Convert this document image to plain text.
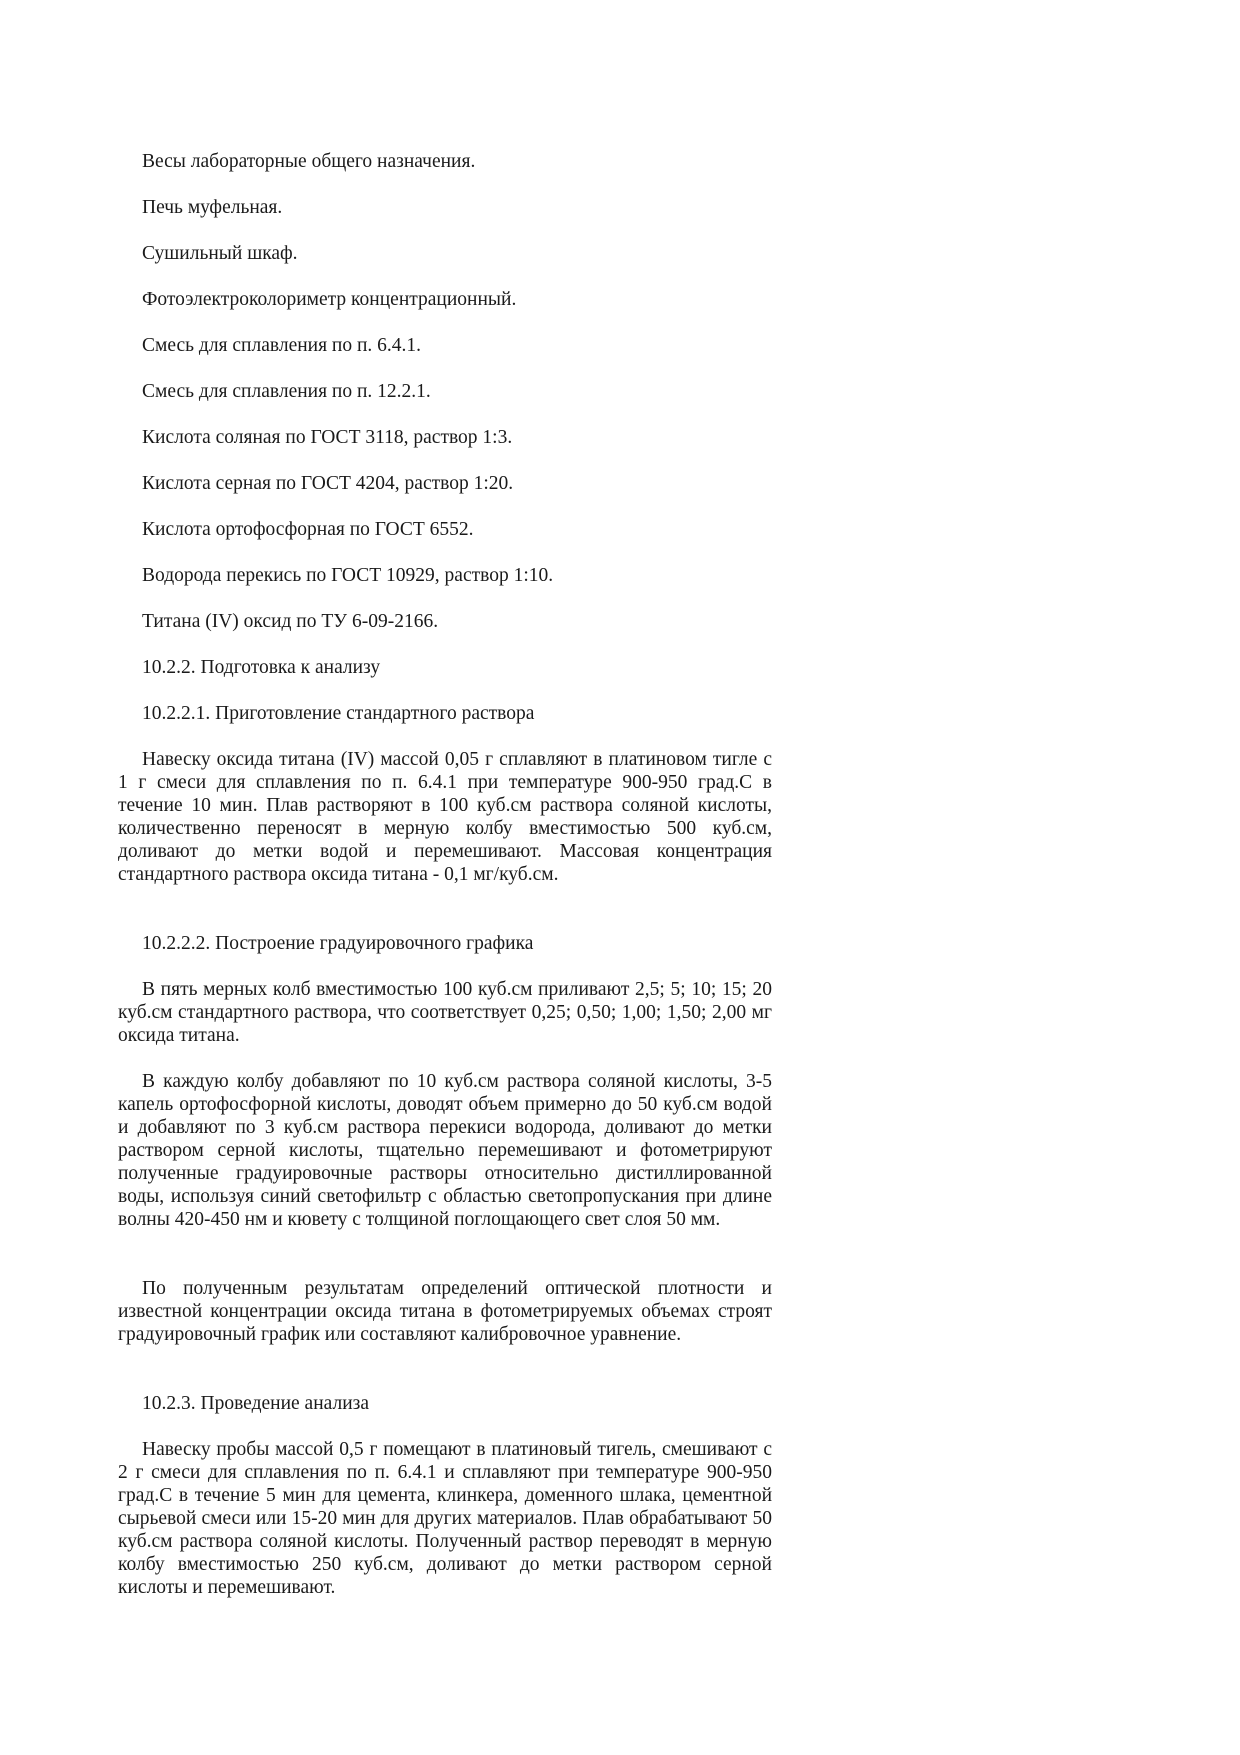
Весы лабораторные общего назначения.

Печь муфельная.

Сушильный шкаф.

Фотоэлектроколориметр концентрационный.

Смесь для сплавления по п. 6.4.1.

Смесь для сплавления по п. 12.2.1.

Кислота соляная по ГОСТ 3118, раствор 1:3.

Кислота серная по ГОСТ 4204, раствор 1:20.

Кислота ортофосфорная по ГОСТ 6552.

Водорода перекись по ГОСТ 10929, раствор 1:10.

Титана (IV) оксид по ТУ 6-09-2166.

10.2.2. Подготовка к анализу

10.2.2.1. Приготовление стандартного раствора

Навеску оксида титана (IV) массой 0,05 г сплавляют в платиновом тигле с 1 г смеси для сплавления по п. 6.4.1 при температуре 900-950 град.С в течение 10 мин. Плав растворяют в 100 куб.см раствора соляной кислоты, количественно переносят в мерную колбу вместимостью 500 куб.см, доливают до метки водой и перемешивают. Массовая концентрация стандартного раствора оксида титана - 0,1 мг/куб.см.

10.2.2.2. Построение градуировочного графика

В пять мерных колб вместимостью 100 куб.см приливают 2,5; 5; 10; 15; 20 куб.см стандартного раствора, что соответствует 0,25; 0,50; 1,00; 1,50; 2,00 мг оксида титана.

В каждую колбу добавляют по 10 куб.см раствора соляной кислоты, 3-5 капель ортофосфорной кислоты, доводят объем примерно до 50 куб.см водой и добавляют по 3 куб.см раствора перекиси водорода, доливают до метки раствором серной кислоты, тщательно перемешивают и фотометрируют полученные градуировочные растворы относительно дистиллированной воды, используя синий светофильтр с областью светопропускания при длине волны 420-450 нм и кювету с толщиной поглощающего свет слоя 50 мм.

По полученным результатам определений оптической плотности и известной концентрации оксида титана в фотометрируемых объемах строят градуировочный график или составляют калибровочное уравнение.

10.2.3. Проведение анализа

Навеску пробы массой 0,5 г помещают в платиновый тигель, смешивают с 2 г смеси для сплавления по п. 6.4.1 и сплавляют при температуре 900-950 град.С в течение 5 мин для цемента, клинкера, доменного шлака, цементной сырьевой смеси или 15-20 мин для других материалов. Плав обрабатывают 50 куб.см раствора соляной кислоты. Полученный раствор переводят в мерную колбу вместимостью 250 куб.см, доливают до метки раствором серной кислоты и перемешивают.
